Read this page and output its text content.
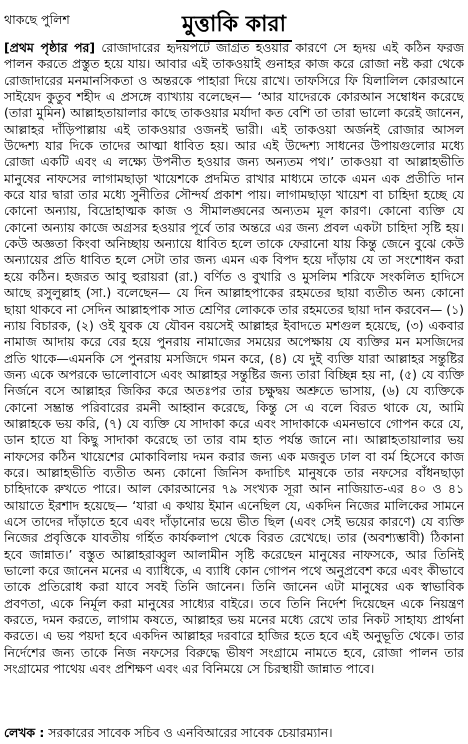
থাকছে পুলিশ	মুত্তাকি কারা

[প্রথম পৃষ্ঠার পর] রোজাদারের হৃদয়পটে জাগ্রত হওয়ার কারণে সে হৃদয় এই কঠিন ফরজ পালন করতে প্রস্তুত হয়ে যায়। আবার এই তাকওয়াই গুনাহর কাজ করে রোজা নষ্ট করা থেকে রোজাদারের মনমানসিকতা ও অন্তরকে পাহারা দিয়ে রাখে। তাফসিরে ফি যিলালিল কোরআনে সাইয়েদ কুতুব শহীদ এ প্রসঙ্গে ব্যাখ্যায় বলেছেন— ‘আর যাদেরকে কোরআন সম্বোধন করেছে (তারা মুমিন) আল্লাহতায়ালার কাছে তাকওয়ার মর্যাদা কত বেশি তা তারা ভালো করেই জানেন, আল্লাহর দাঁড়িপাল্লায় এই তাকওয়ার ওজনই ভারী। এই তাকওয়া অর্জনই রোজার আসল উদ্দেশ্য যার দিকে তাদের আত্মা ধাবিত হয়। আর এই উদ্দেশ্য সাধনের উপায়গুলোর মধ্যে রোজা একটি এবং এ লক্ষ্যে উপনীত হওয়ার জন্য অন্যতম পথ।’ তাকওয়া বা আল্লাহভীতি মানুষের নাফসের লাগামছাড়া খায়েশকে প্রদমিত রাখার মাধ্যমে তাকে এমন এক প্রতীতি দান করে যার দ্বারা তার মধ্যে সুনীতির সৌন্দর্য প্রকাশ পায়। লাগামছাড়া খায়েশ বা চাহিদা হচ্ছে যে কোনো অন্যায়, বিদ্রোহাত্মক কাজ ও সীমালঙ্ঘনের অন্যতম মূল কারণ। কোনো ব্যক্তি যে কোনো অন্যায় কাজে অগ্রসর হওয়ার পূর্বে তার অন্তরে এর জন্য প্রবল একটা চাহিদা সৃষ্টি হয়। কেউ অজ্ঞতা কিংবা অনিচ্ছায় অন্যায়ে ধাবিত হলে তাকে ফেরানো যায় কিন্তু জেনে বুঝে কেউ অন্যায়ের প্রতি ধাবিত হলে সেটা তার জন্য এমন এক বিপদ হয়ে দাঁড়ায় যে তা সংশোধন করা হয়ে কঠিন। হজরত আবু হুরায়রা (রা.) বর্ণিত ও বুখারি ও মুসলিম শরিফে সংকলিত হাদিসে আছে রসুলুল্লাহ (সা.) বলেছেন— যে দিন আল্লাহপাকের রহমতের ছায়া ব্যতীত অন্য কোনো ছায়া থাকবে না সেদিন আল্লাহপাক সাত শ্রেণির লোককে তার রহমতের ছায়া দান করবেন— (১) ন্যায় বিচারক, (২) ওই যুবক যে যৌবন বয়সেই আল্লাহর ইবাদতে মশগুল হয়েছে, (৩) একবার নামাজ আদায় করে বের হয়ে পুনরায় নামাজের সময়ের অপেক্ষায় যে ব্যক্তির মন মসজিদের প্রতি থাকে—এমনকি সে পুনরায় মসজিদে গমন করে, (৪) যে দুই ব্যক্তি যারা আল্লাহর সন্তুষ্টির জন্য একে অপরকে ভালোবাসে এবং আল্লাহর সন্তুষ্টির জন্য তারা বিচ্ছিন্ন হয় না, (৫) যে ব্যক্তি নির্জনে বসে আল্লাহর জিকির করে অতঃপর তার চক্ষুদ্বয় অশ্রুতে ভাসায়, (৬) যে ব্যক্তিকে কোনো সম্ভ্রান্ত পরিবারের রমনী আহ্বান করেছে, কিন্তু সে এ বলে বিরত থাকে যে, আমি আল্লাহকে ভয় করি, (৭) যে ব্যক্তি যে সাদাকা করে এবং সাদাকাকে এমনভাবে গোপন করে যে, ডান হাতে যা কিছু সাদাকা করেছে তা তার বাম হাত পর্যন্ত জানে না। আল্লাহতায়ালার ভয় নাফসের কঠিন খায়েশের মোকাবিলায় দমন করার জন্য এক মজবুত ঢাল বা বর্ম হিসেবে কাজ করে। আল্লাহভীতি ব্যতীত অন্য কোনো জিনিস কদাচিৎ মানুষকে তার নফসের বাঁধনছাড়া চাহিদাকে রুখতে পারে। আল কোরআনের ৭৯ সংখ্যক সূরা আন নাজিয়াত-এর ৪০ ও ৪১ আয়াতে ইরশাদ হয়েছে— ‘যারা এ কথায় ইমান এনেছিল যে, একদিন নিজের মালিকের সামনে এসে তাদের দাঁড়াতে হবে এবং দাঁড়ানোর ভয়ে ভীত ছিল (এবং সেই ভয়ের কারণে) যে ব্যক্তি নিজের প্রবৃত্তিকে যাবতীয় গর্হিত কার্যকলাপ থেকে বিরত রেখেছে। তার (অবশ্যম্ভাবী) ঠিকানা হবে জান্নাত।’ বস্তুত আল্লাহরাব্বুল আলামীন সৃষ্টি করেছেন মানুষের নাফসকে, আর তিনিই ভালো করে জানেন মনের এ ব্যাধিকে, এ ব্যাধি কোন গোপন পথে অনুপ্রবেশ করে এবং কীভাবে তাকে প্রতিরোধ করা যাবে সবই তিনি জানেন। তিনি জানেন এটা মানুষের এক স্বাভাবিক প্রবণতা, একে নির্মূল করা মানুষের সাধ্যের বাইরে। তবে তিনি নির্দেশ দিয়েছেন একে নিয়ন্ত্রণ করতে, দমন করতে, লাগাম কষতে, আল্লাহর ভয় মনের মধ্যে রেখে তার নিকট সাহায্য প্রার্থনা করতে। এ ভয় পয়দা হবে একদিন আল্লাহর দরবারে হাজির হতে হবে এই অনুভূতি থেকে। তার নির্দেশের জন্য তাকে নিজ নফসের বিরুদ্ধে ভীষণ সংগ্রামে নামতে হবে, রোজা পালন তার সংগ্রামের পাথেয় এবং প্রশিক্ষণ এবং এর বিনিময়ে সে চিরস্থায়ী জান্নাত পাবে।

লেখক : সরকারের সাবেক সচিব ও এনবিআরের সাবেক চেয়ারম্যান।
